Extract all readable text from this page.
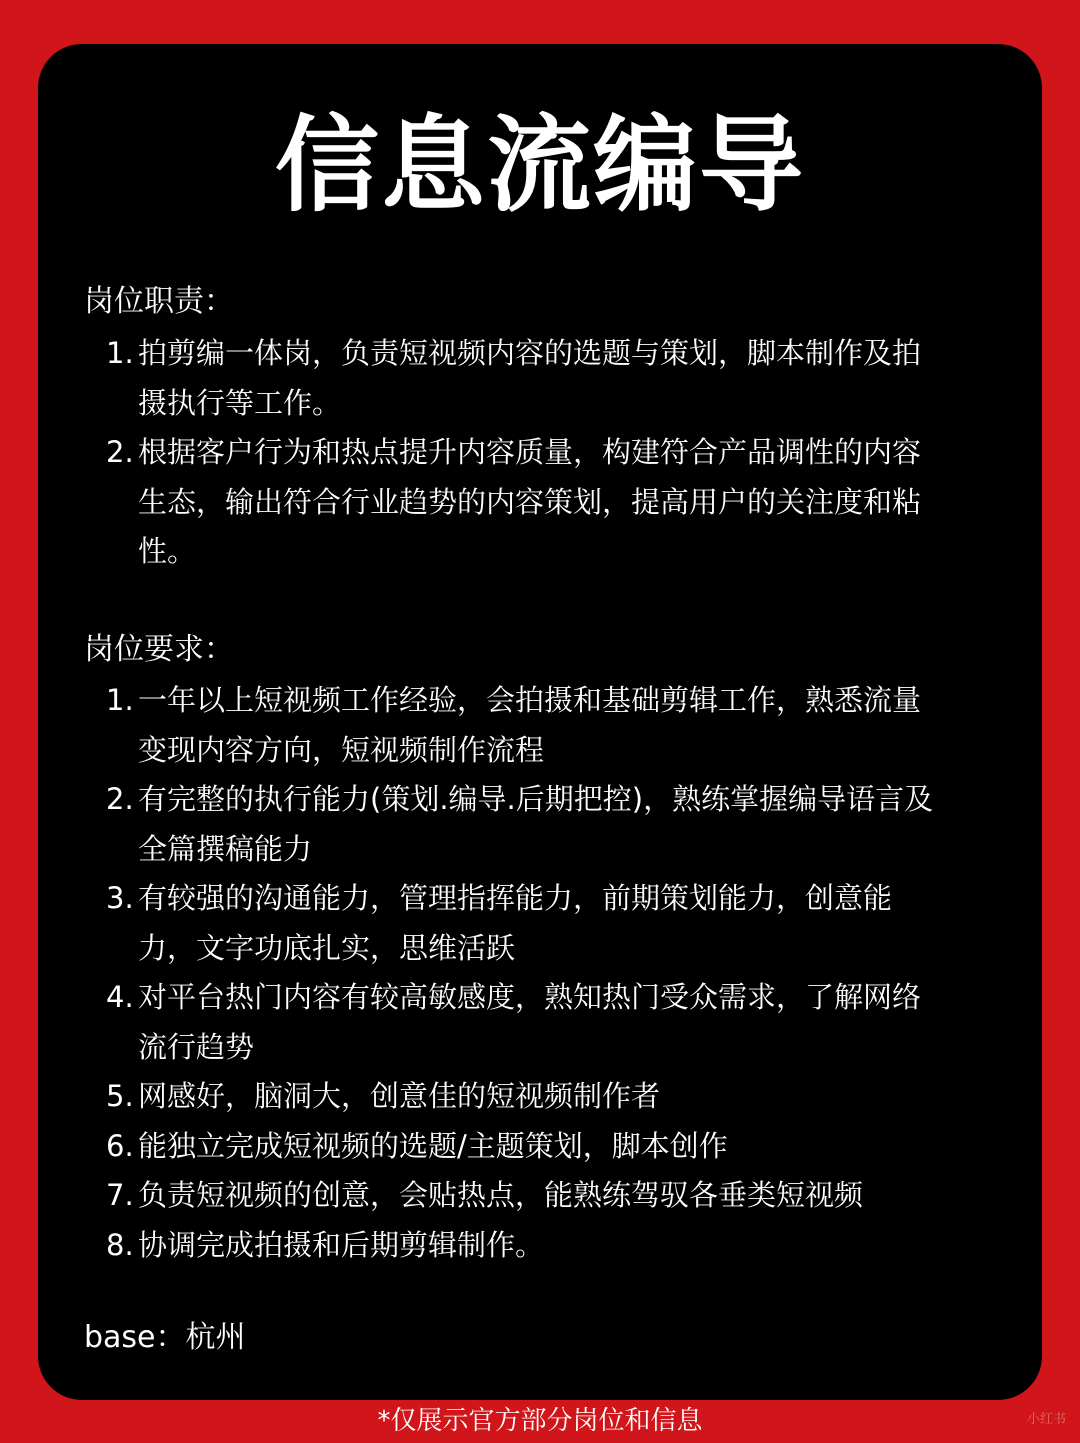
信息流编导
岗位职责：
1. 拍剪编一体岗，负责短视频内容的选题与策划，脚本制作及拍摄执行等工作。
2. 根据客户行为和热点提升内容质量，构建符合产品调性的内容生态，输出符合行业趋势的内容策划，提高用户的关注度和粘性。
岗位要求：
1. 一年以上短视频工作经验，会拍摄和基础剪辑工作，熟悉流量变现内容方向，短视频制作流程
2. 有完整的执行能力(策划.编导.后期把控)，熟练掌握编导语言及全篇撰稿能力
3. 有较强的沟通能力，管理指挥能力，前期策划能力，创意能力，文字功底扎实，思维活跃
4. 对平台热门内容有较高敏感度，熟知热门受众需求，了解网络流行趋势
5. 网感好，脑洞大，创意佳的短视频制作者
6. 能独立完成短视频的选题/主题策划，脚本创作
7. 负责短视频的创意，会贴热点，能熟练驾驭各垂类短视频
8. 协调完成拍摄和后期剪辑制作。
base：杭州
*仅展示官方部分岗位和信息	小红书
